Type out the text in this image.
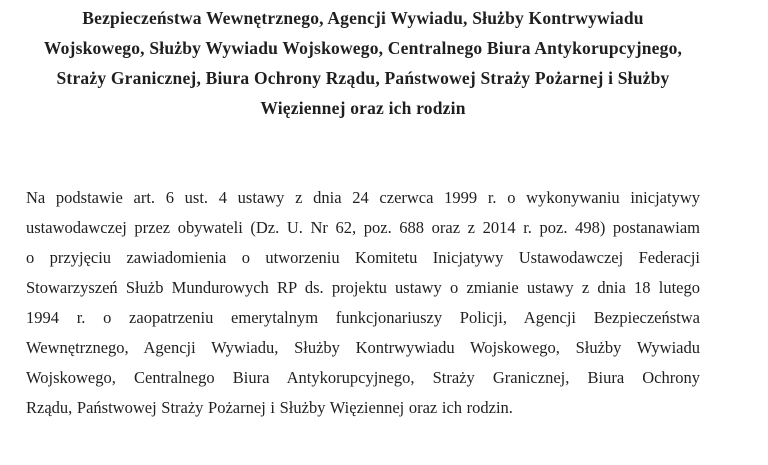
Bezpieczeństwa Wewnętrznego, Agencji Wywiadu, Służby Kontrwywiadu
Wojskowego, Służby Wywiadu Wojskowego, Centralnego Biura Antykorupcyjnego,
Straży Granicznej, Biura Ochrony Rządu, Państwowej Straży Pożarnej i Służby
Więziennej oraz ich rodzin
Na podstawie art. 6 ust. 4 ustawy z dnia 24 czerwca 1999 r. o wykonywaniu inicjatywy
ustawodawczej przez obywateli (Dz. U. Nr 62, poz. 688 oraz z 2014 r. poz. 498) postanawiam
o przyjęciu zawiadomienia o utworzeniu Komitetu Inicjatywy Ustawodawczej Federacji
Stowarzyszeń Służb Mundurowych RP ds. projektu ustawy o zmianie ustawy z dnia 18 lutego
1994 r. o zaopatrzeniu emerytalnym funkcjonariuszy Policji, Agencji Bezpieczeństwa
Wewnętrznego, Agencji Wywiadu, Służby Kontrwywiadu Wojskowego, Służby Wywiadu
Wojskowego, Centralnego Biura Antykorupcyjnego, Straży Granicznej, Biura Ochrony
Rządu, Państwowej Straży Pożarnej i Służby Więziennej oraz ich rodzin.
